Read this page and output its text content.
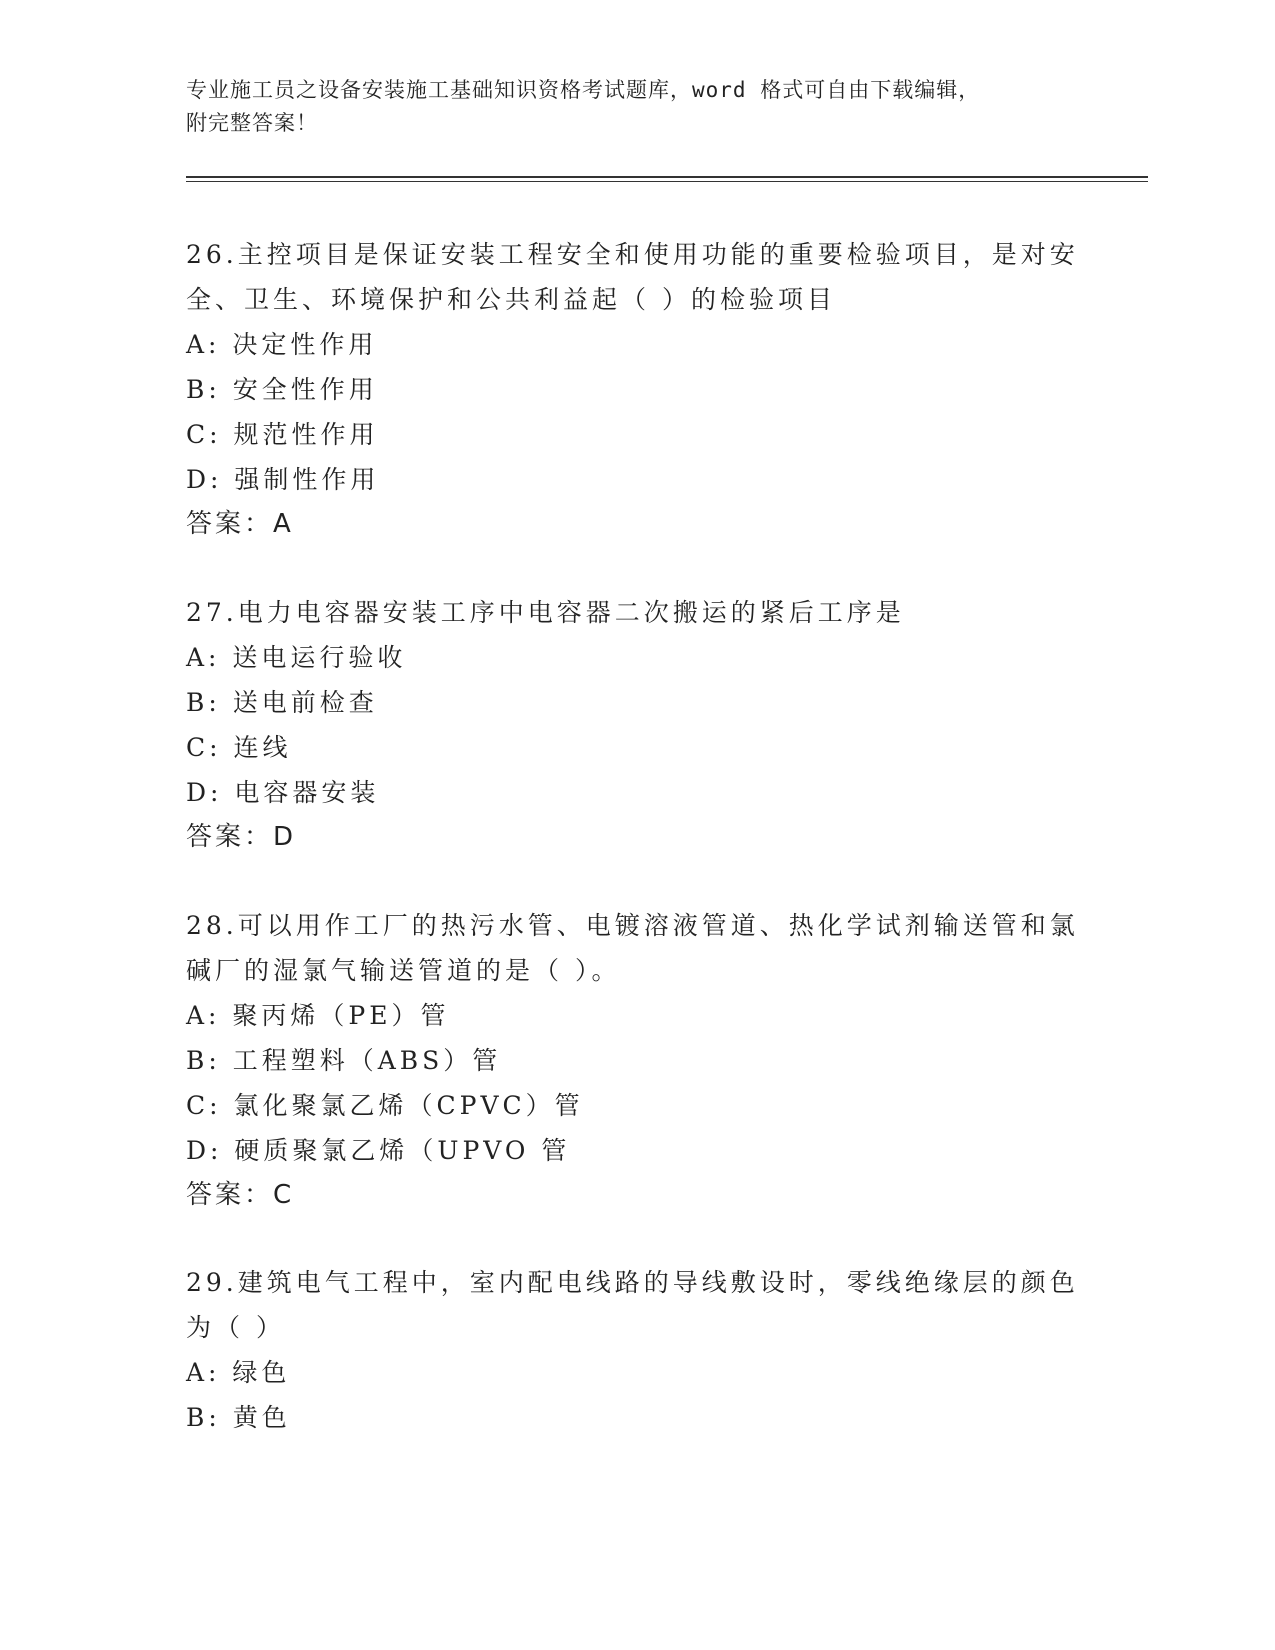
专业施工员之设备安装施工基础知识资格考试题库，word 格式可自由下载编辑，
附完整答案！
26.主控项目是保证安装工程安全和使用功能的重要检验项目，是对安
全、卫生、环境保护和公共利益起（ ）的检验项目
A: 决定性作用
B: 安全性作用
C: 规范性作用
D: 强制性作用
答案：A
27.电力电容器安装工序中电容器二次搬运的紧后工序是
A: 送电运行验收
B: 送电前检查
C: 连线
D: 电容器安装
答案：D
28.可以用作工厂的热污水管、电镀溶液管道、热化学试剂输送管和氯
碱厂的湿氯气输送管道的是（ ）。
A: 聚丙烯（PE）管
B: 工程塑料（ABS）管
C: 氯化聚氯乙烯（CPVC）管
D: 硬质聚氯乙烯（UPVO 管
答案：C
29.建筑电气工程中，室内配电线路的导线敷设时，零线绝缘层的颜色
为（ ）
A: 绿色
B: 黄色
